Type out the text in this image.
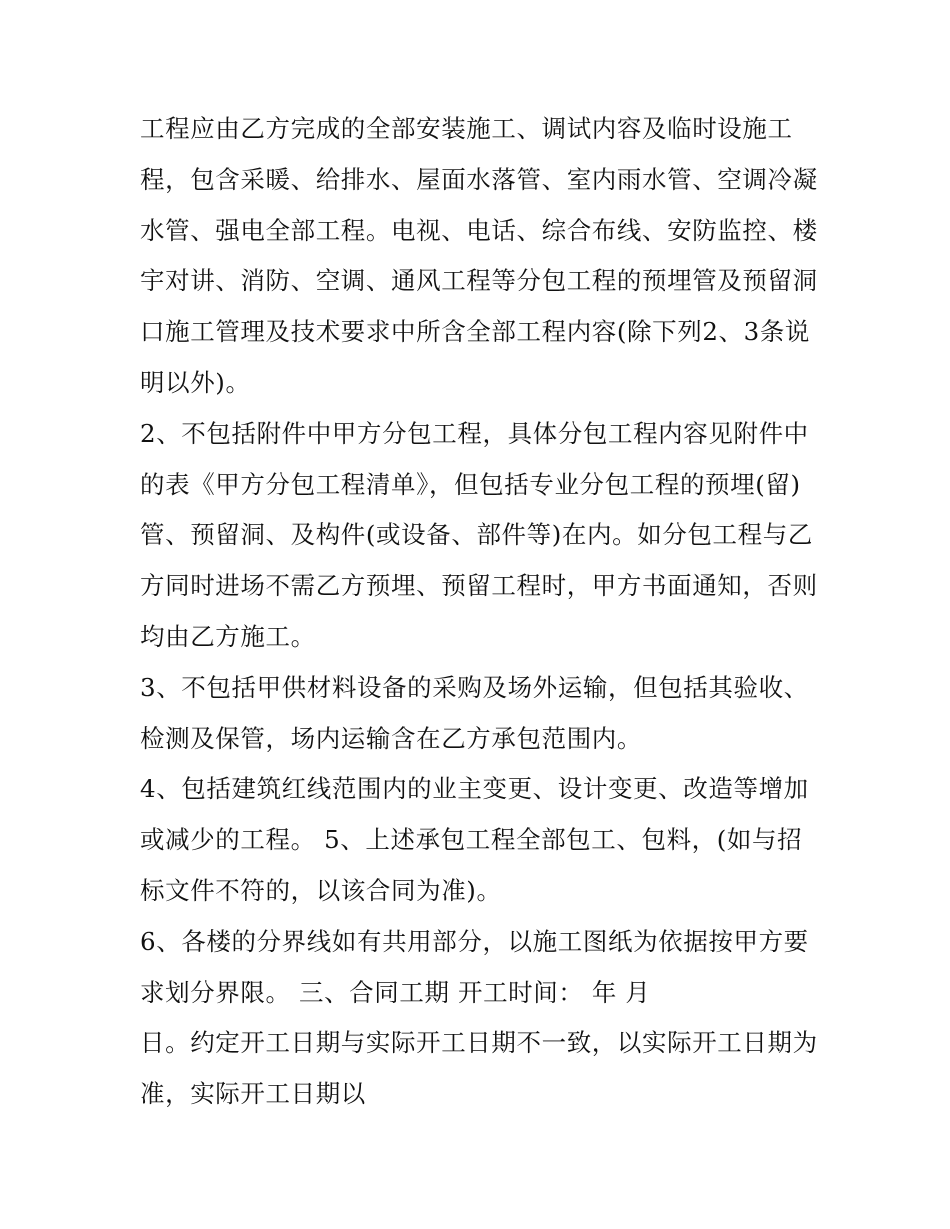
工程应由乙方完成的全部安装施工、调试内容及临时设施工
程，包含采暖、给排水、屋面水落管、室内雨水管、空调冷凝
水管、强电全部工程。电视、电话、综合布线、安防监控、楼
宇对讲、消防、空调、通风工程等分包工程的预埋管及预留洞
口施工管理及技术要求中所含全部工程内容(除下列2、3条说
明以外)。
2、不包括附件中甲方分包工程，具体分包工程内容见附件中
的表《甲方分包工程清单》，但包括专业分包工程的预埋(留)
管、预留洞、及构件(或设备、部件等)在内。如分包工程与乙
方同时进场不需乙方预埋、预留工程时，甲方书面通知，否则
均由乙方施工。
3、不包括甲供材料设备的采购及场外运输，但包括其验收、
检测及保管，场内运输含在乙方承包范围内。
4、包括建筑红线范围内的业主变更、设计变更、改造等增加
或减少的工程。 5、上述承包工程全部包工、包料，(如与招
标文件不符的，以该合同为准)。
6、各楼的分界线如有共用部分，以施工图纸为依据按甲方要
求划分界限。 三、合同工期 开工时间： 年 月
日。约定开工日期与实际开工日期不一致，以实际开工日期为
准，实际开工日期以
